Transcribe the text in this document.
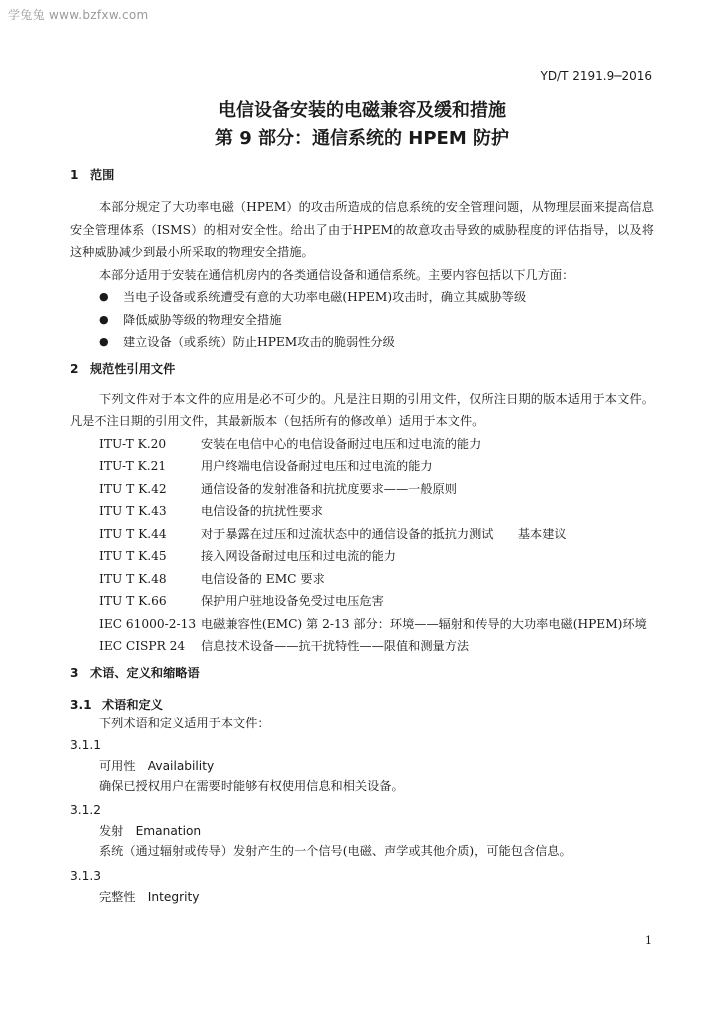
学兔兔 www.bzfxw.com
YD/T 2191.9─2016
电信设备安装的电磁兼容及缓和措施
第 9 部分：通信系统的 HPEM 防护
1 范围

本部分规定了大功率电磁（HPEM）的攻击所造成的信息系统的安全管理问题，从物理层面来提高信息安全管理体系（ISMS）的相对安全性。给出了由于HPEM的故意攻击导致的威胁程度的评估指导，以及将这种威胁减少到最小所采取的物理安全措施。

本部分适用于安装在通信机房内的各类通信设备和通信系统。主要内容包括以下几方面：

● 当电子设备或系统遭受有意的大功率电磁(HPEM)攻击时，确立其威胁等级
● 降低威胁等级的物理安全措施
● 建立设备（或系统）防止HPEM攻击的脆弱性分级
2 规范性引用文件

下列文件对于本文件的应用是必不可少的。凡是注日期的引用文件，仅所注日期的版本适用于本文件。凡是不注日期的引用文件，其最新版本（包括所有的修改单）适用于本文件。

ITU-T K.20	安装在电信中心的电信设备耐过电压和过电流的能力
ITU-T K.21	用户终端电信设备耐过电压和过电流的能力
ITU T K.42	通信设备的发射准备和抗扰度要求——一般原则
ITU T K.43	电信设备的抗扰性要求
ITU T K.44	对于暴露在过压和过流状态中的通信设备的抵抗力测试　　基本建议
ITU T K.45	接入网设备耐过电压和过电流的能力
ITU T K.48	电信设备的 EMC 要求
ITU T K.66	保护用户驻地设备免受过电压危害
IEC 61000-2-13	电磁兼容性(EMC) 第 2-13 部分：环境——辐射和传导的大功率电磁(HPEM)环境
IEC CISPR 24	信息技术设备——抗干扰特性——限值和测量方法
3 术语、定义和缩略语
3.1 术语和定义
下列术语和定义适用于本文件：
3.1.1
可用性　 Availability
确保已授权用户在需要时能够有权使用信息和相关设备。
3.1.2
发射　 Emanation
系统（通过辐射或传导）发射产生的一个信号(电磁、声学或其他介质)，可能包含信息。
3.1.3
完整性　 Integrity
1
